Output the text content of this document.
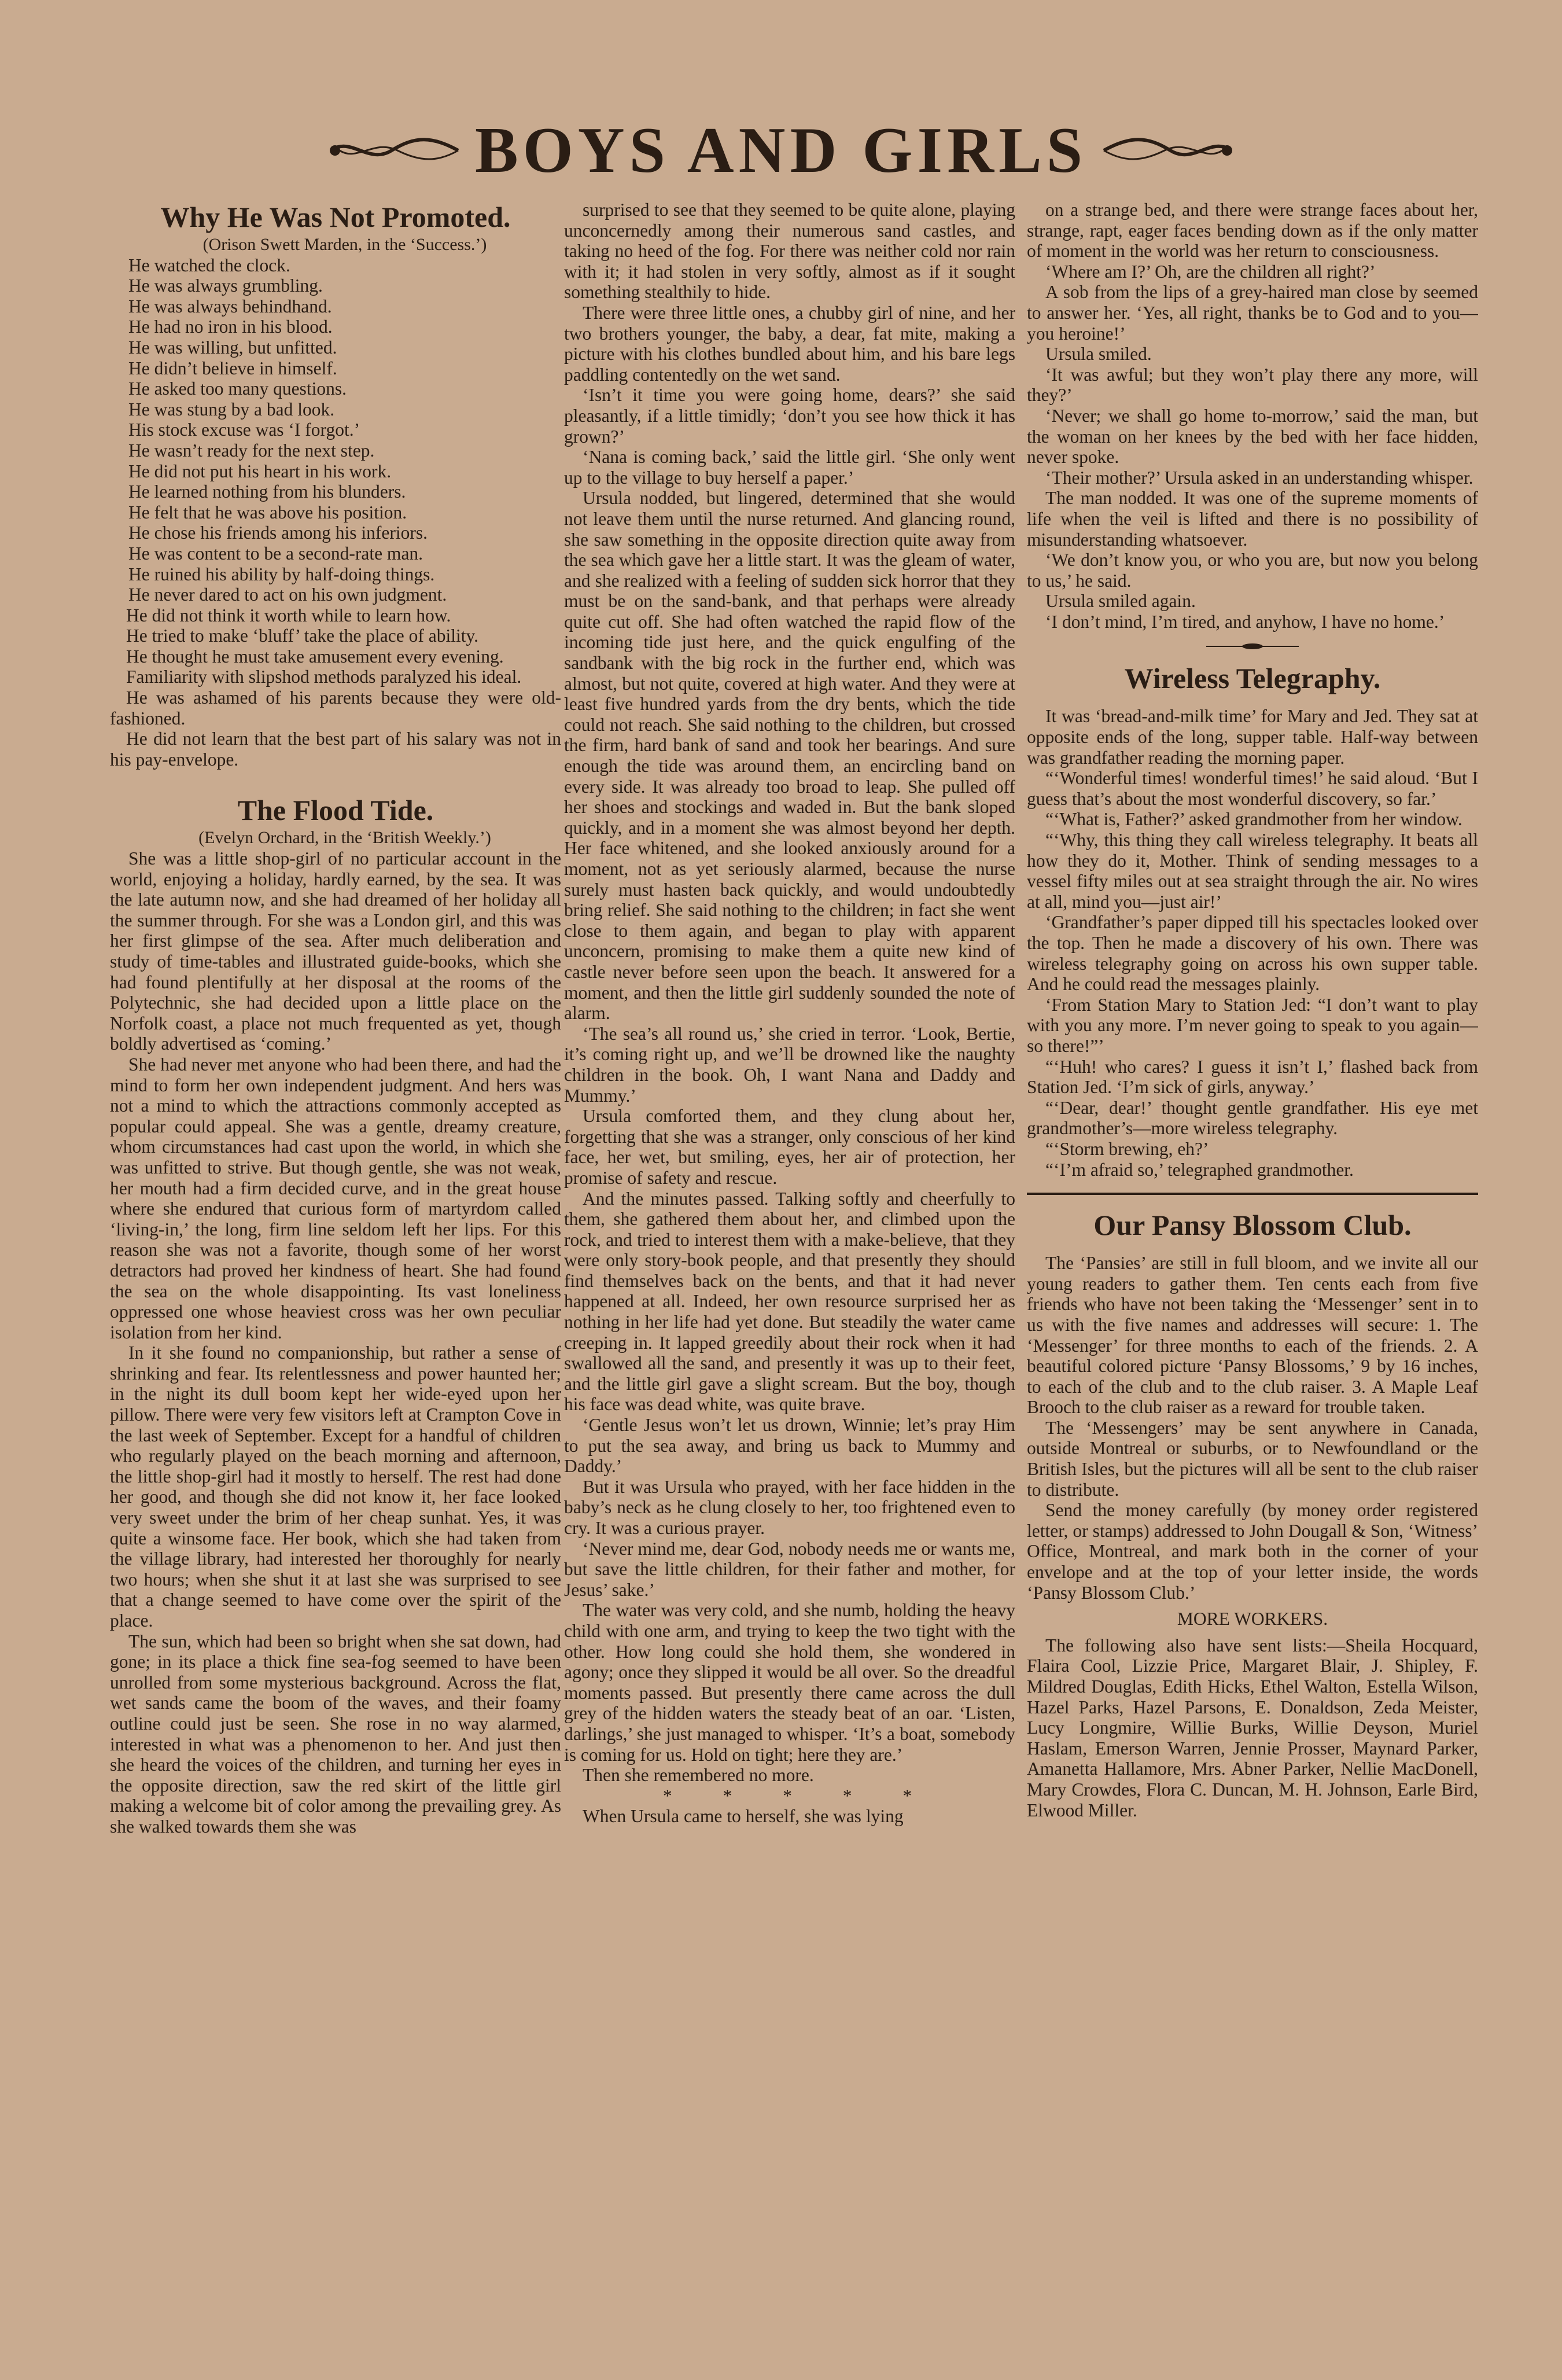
BOYS AND GIRLS
Why He Was Not Promoted.

(Orison Swett Marden, in the ‘Success.’)

He watched the clock.

He was always grumbling.

He was always behindhand.

He had no iron in his blood.

He was willing, but unfitted.

He didn’t believe in himself.

He asked too many questions.

He was stung by a bad look.

His stock excuse was ‘I forgot.’

He wasn’t ready for the next step.

He did not put his heart in his work.

He learned nothing from his blunders.

He felt that he was above his position.

He chose his friends among his inferiors.

He was content to be a second-rate man.

He ruined his ability by half-doing things.

He never dared to act on his own judgment.

He did not think it worth while to learn how.

He tried to make ‘bluff’ take the place of ability.

He thought he must take amusement every evening.

Familiarity with slipshod methods paralyzed his ideal.

He was ashamed of his parents because they were old-fashioned.

He did not learn that the best part of his salary was not in his pay-envelope.

The Flood Tide.

(Evelyn Orchard, in the ‘British Weekly.’)

She was a little shop-girl of no particular account in the world, enjoying a holiday, hardly earned, by the sea. It was the late autumn now, and she had dreamed of her holiday all the summer through. For she was a London girl, and this was her first glimpse of the sea. After much deliberation and study of time-tables and illustrated guide-books, which she had found plentifully at her disposal at the rooms of the Polytechnic, she had decided upon a little place on the Norfolk coast, a place not much frequented as yet, though boldly advertised as ‘coming.’

She had never met anyone who had been there, and had the mind to form her own independent judgment. And hers was not a mind to which the attractions commonly accepted as popular could appeal. She was a gentle, dreamy creature, whom circumstances had cast upon the world, in which she was unfitted to strive. But though gentle, she was not weak, her mouth had a firm decided curve, and in the great house where she endured that curious form of martyrdom called ‘living-in,’ the long, firm line seldom left her lips. For this reason she was not a favorite, though some of her worst detractors had proved her kindness of heart. She had found the sea on the whole disappointing. Its vast loneliness oppressed one whose heaviest cross was her own peculiar isolation from her kind.

In it she found no companionship, but rather a sense of shrinking and fear. Its relentlessness and power haunted her; in the night its dull boom kept her wide-eyed upon her pillow. There were very few visitors left at Crampton Cove in the last week of September. Except for a handful of children who regularly played on the beach morning and afternoon, the little shop-girl had it mostly to herself. The rest had done her good, and though she did not know it, her face looked very sweet under the brim of her cheap sunhat. Yes, it was quite a winsome face. Her book, which she had taken from the village library, had interested her thoroughly for nearly two hours; when she shut it at last she was surprised to see that a change seemed to have come over the spirit of the place.

The sun, which had been so bright when she sat down, had gone; in its place a thick fine sea-fog seemed to have been unrolled from some mysterious background. Across the flat, wet sands came the boom of the waves, and their foamy outline could just be seen. She rose in no way alarmed, interested in what was a phenomenon to her. And just then she heard the voices of the children, and turning her eyes in the opposite direction, saw the red skirt of the little girl making a welcome bit of color among the prevailing grey. As she walked towards them she was

surprised to see that they seemed to be quite alone, playing unconcernedly among their numerous sand castles, and taking no heed of the fog. For there was neither cold nor rain with it; it had stolen in very softly, almost as if it sought something stealthily to hide.

There were three little ones, a chubby girl of nine, and her two brothers younger, the baby, a dear, fat mite, making a picture with his clothes bundled about him, and his bare legs paddling contentedly on the wet sand.

‘Isn’t it time you were going home, dears?’ she said pleasantly, if a little timidly; ‘don’t you see how thick it has grown?’

‘Nana is coming back,’ said the little girl. ‘She only went up to the village to buy herself a paper.’

Ursula nodded, but lingered, determined that she would not leave them until the nurse returned. And glancing round, she saw something in the opposite direction quite away from the sea which gave her a little start. It was the gleam of water, and she realized with a feeling of sudden sick horror that they must be on the sand-bank, and that perhaps were already quite cut off. She had often watched the rapid flow of the incoming tide just here, and the quick engulfing of the sandbank with the big rock in the further end, which was almost, but not quite, covered at high water. And they were at least five hundred yards from the dry bents, which the tide could not reach. She said nothing to the children, but crossed the firm, hard bank of sand and took her bearings. And sure enough the tide was around them, an encircling band on every side. It was already too broad to leap. She pulled off her shoes and stockings and waded in. But the bank sloped quickly, and in a moment she was almost beyond her depth. Her face whitened, and she looked anxiously around for a moment, not as yet seriously alarmed, because the nurse surely must hasten back quickly, and would undoubtedly bring relief. She said nothing to the children; in fact she went close to them again, and began to play with apparent unconcern, promising to make them a quite new kind of castle never before seen upon the beach. It answered for a moment, and then the little girl suddenly sounded the note of alarm.

‘The sea’s all round us,’ she cried in terror. ‘Look, Bertie, it’s coming right up, and we’ll be drowned like the naughty children in the book. Oh, I want Nana and Daddy and Mummy.’

Ursula comforted them, and they clung about her, forgetting that she was a stranger, only conscious of her kind face, her wet, but smiling, eyes, her air of protection, her promise of safety and rescue.

And the minutes passed. Talking softly and cheerfully to them, she gathered them about her, and climbed upon the rock, and tried to interest them with a make-believe, that they were only story-book people, and that presently they should find themselves back on the bents, and that it had never happened at all. Indeed, her own resource surprised her as nothing in her life had yet done. But steadily the water came creeping in. It lapped greedily about their rock when it had swallowed all the sand, and presently it was up to their feet, and the little girl gave a slight scream. But the boy, though his face was dead white, was quite brave.

‘Gentle Jesus won’t let us drown, Winnie; let’s pray Him to put the sea away, and bring us back to Mummy and Daddy.’

But it was Ursula who prayed, with her face hidden in the baby’s neck as he clung closely to her, too frightened even to cry. It was a curious prayer.

‘Never mind me, dear God, nobody needs me or wants me, but save the little children, for their father and mother, for Jesus’ sake.’

The water was very cold, and she numb, holding the heavy child with one arm, and trying to keep the two tight with the other. How long could she hold them, she wondered in agony; once they slipped it would be all over. So the dreadful moments passed. But presently there came across the dull grey of the hidden waters the steady beat of an oar. ‘Listen, darlings,’ she just managed to whisper. ‘It’s a boat, somebody is coming for us. Hold on tight; here they are.’

Then she remembered no more.

* * * * *

When Ursula came to herself, she was lying

on a strange bed, and there were strange faces about her, strange, rapt, eager faces bending down as if the only matter of moment in the world was her return to consciousness.

‘Where am I?’ Oh, are the children all right?’

A sob from the lips of a grey-haired man close by seemed to answer her. ‘Yes, all right, thanks be to God and to you—you heroine!’

Ursula smiled.

‘It was awful; but they won’t play there any more, will they?’

‘Never; we shall go home to-morrow,’ said the man, but the woman on her knees by the bed with her face hidden, never spoke.

‘Their mother?’ Ursula asked in an understanding whisper.

The man nodded. It was one of the supreme moments of life when the veil is lifted and there is no possibility of misunderstanding whatsoever.

‘We don’t know you, or who you are, but now you belong to us,’ he said.

Ursula smiled again.

‘I don’t mind, I’m tired, and anyhow, I have no home.’

Wireless Telegraphy.

It was ‘bread-and-milk time’ for Mary and Jed. They sat at opposite ends of the long, supper table. Half-way between was grandfather reading the morning paper.

“‘Wonderful times! wonderful times!’ he said aloud. ‘But I guess that’s about the most wonderful discovery, so far.’

“‘What is, Father?’ asked grandmother from her window.

“‘Why, this thing they call wireless telegraphy. It beats all how they do it, Mother. Think of sending messages to a vessel fifty miles out at sea straight through the air. No wires at all, mind you—just air!’

‘Grandfather’s paper dipped till his spectacles looked over the top. Then he made a discovery of his own. There was wireless telegraphy going on across his own supper table. And he could read the messages plainly.

‘From Station Mary to Station Jed: “I don’t want to play with you any more. I’m never going to speak to you again—so there!”’

“‘Huh! who cares? I guess it isn’t I,’ flashed back from Station Jed. ‘I’m sick of girls, anyway.’

“‘Dear, dear!’ thought gentle grandfather. His eye met grandmother’s—more wireless telegraphy.

“‘Storm brewing, eh?’

“‘I’m afraid so,’ telegraphed grandmother.

Our Pansy Blossom Club.

The ‘Pansies’ are still in full bloom, and we invite all our young readers to gather them. Ten cents each from five friends who have not been taking the ‘Messenger’ sent in to us with the five names and addresses will secure: 1. The ‘Messenger’ for three months to each of the friends. 2. A beautiful colored picture ‘Pansy Blossoms,’ 9 by 16 inches, to each of the club and to the club raiser. 3. A Maple Leaf Brooch to the club raiser as a reward for trouble taken.

The ‘Messengers’ may be sent anywhere in Canada, outside Montreal or suburbs, or to Newfoundland or the British Isles, but the pictures will all be sent to the club raiser to distribute.

Send the money carefully (by money order registered letter, or stamps) addressed to John Dougall & Son, ‘Witness’ Office, Montreal, and mark both in the corner of your envelope and at the top of your letter inside, the words ‘Pansy Blossom Club.’

MORE WORKERS.

The following also have sent lists:—Sheila Hocquard, Flaira Cool, Lizzie Price, Margaret Blair, J. Shipley, F. Mildred Douglas, Edith Hicks, Ethel Walton, Estella Wilson, Hazel Parks, Hazel Parsons, E. Donaldson, Zeda Meister, Lucy Longmire, Willie Burks, Willie Deyson, Muriel Haslam, Emerson Warren, Jennie Prosser, Maynard Parker, Amanetta Hallamore, Mrs. Abner Parker, Nellie MacDonell, Mary Crowdes, Flora C. Duncan, M. H. Johnson, Earle Bird, Elwood Miller.
